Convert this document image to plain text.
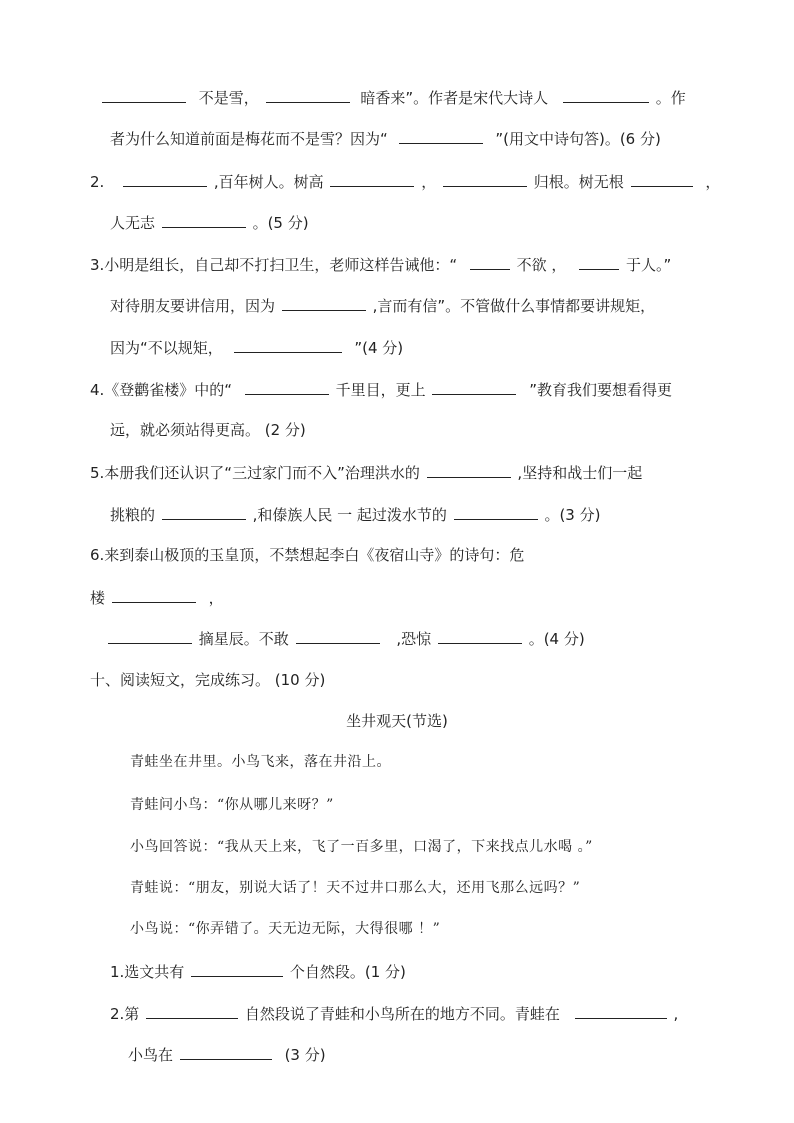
不是雪，	暗香来”。作者是宋代大诗人	。作
者为什么知道前面是梅花而不是雪？因为“	”(用文中诗句答)。(6 分)
2.	,百年树人。树高	，	归根。树无根	，
人无志	。(5 分)
3.小明是组长，自己却不打扫卫生，老师这样告诫他：“	不欲 ，	于人。”
对待朋友要讲信用，因为	,言而有信”。不管做什么事情都要讲规矩，
因为“不以规矩，	”(4 分)
4.《登鹳雀楼》中的“	千里目，更上	”教育我们要想看得更
远，就必须站得更高。 (2 分)
5.本册我们还认识了“三过家门而不入”治理洪水的	,坚持和战士们一起
挑粮的	,和傣族人民 一 起过泼水节的	。(3 分)
6.来到泰山极顶的玉皇顶，不禁想起李白《夜宿山寺》的诗句：危
楼	，
摘星辰。不敢	,恐惊	。(4 分)
十、阅读短文，完成练习。 (10 分)
坐井观天(节选)
青蛙坐在井里。小鸟飞来，落在井沿上。
青蛙问小鸟：“你从哪儿来呀？”
小鸟回答说：“我从天上来，飞了一百多里，口渴了，下来找点儿水喝 。”
青蛙说：“朋友，别说大话了！天不过井口那么大，还用飞那么远吗？”
小鸟说：“你弄错了。天无边无际，大得很哪 ！”
1.选文共有	个自然段。(1 分)
2.第	自然段说了青蛙和小鸟所在的地方不同。青蛙在	,
小鸟在	(3 分)
